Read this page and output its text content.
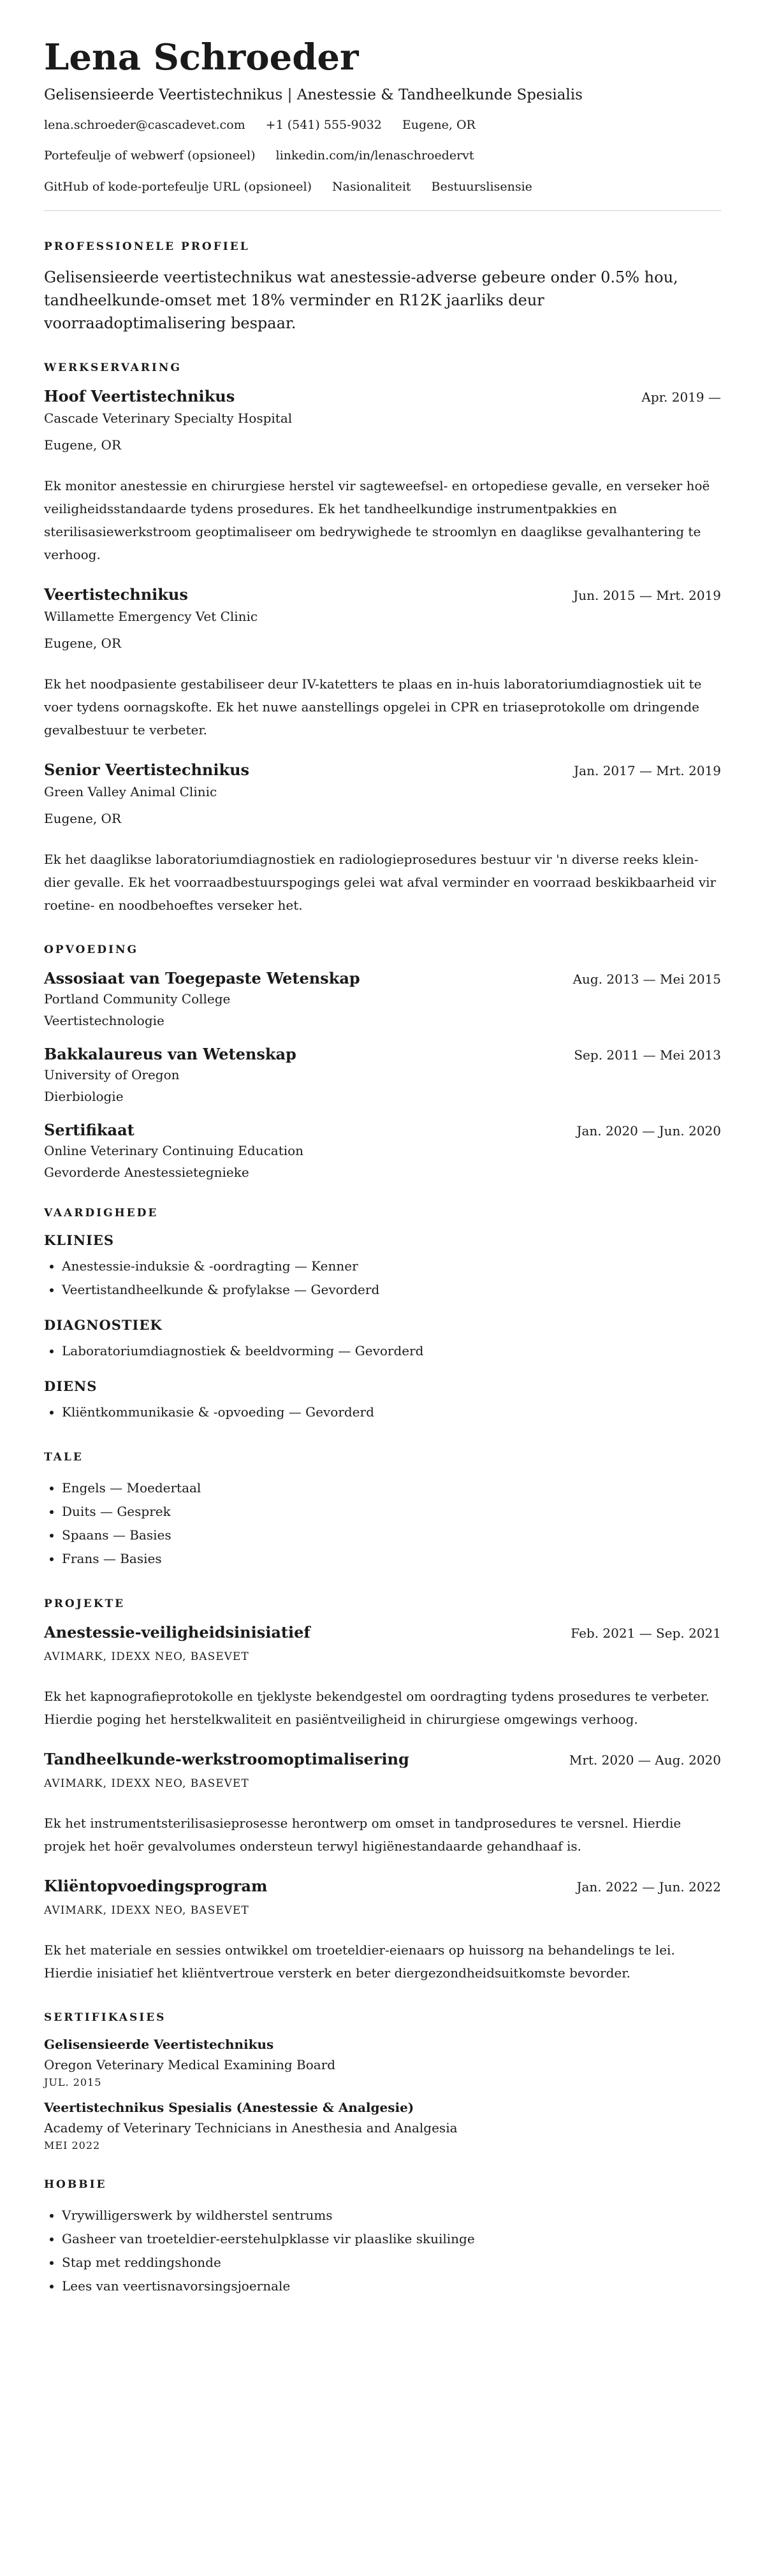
Lena Schroeder
Gelisensieerde Veertistechnikus | Anestessie & Tandheelkunde Spesialis
lena.schroeder@cascadevet.com +1 (541) 555-9032 Eugene, OR
Portefeulje of webwerf (opsioneel) linkedin.com/in/lenaschroedervt
GitHub of kode-portefeulje URL (opsioneel) Nasionaliteit Bestuurslisensie
PROFESSIONELE PROFIEL

Gelisensieerde veertistechnikus wat anestessie-adverse gebeure onder 0.5% hou, tandheelkunde-omset met 18% verminder en R12K jaarliks deur voorraadoptimalisering bespaar.

WERKSERVARING
Hoof Veertistechnikus	Apr. 2019 —
Cascade Veterinary Specialty Hospital
Eugene, OR
Ek monitor anestessie en chirurgiese herstel vir sagteweefsel- en ortopediese gevalle, en verseker hoë veiligheidsstandaarde tydens prosedures. Ek het tandheelkundige instrumentpakkies en sterilisasiewerkstroom geoptimaliseer om bedrywighede te stroomlyn en daaglikse gevalhantering te verhoog.
Veertistechnikus	Jun. 2015 — Mrt. 2019
Willamette Emergency Vet Clinic
Eugene, OR
Ek het noodpasiente gestabiliseer deur IV-katetters te plaas en in-huis laboratoriumdiagnostiek uit te voer tydens oornagskofte. Ek het nuwe aanstellings opgelei in CPR en triaseprotokolle om dringende gevalbestuur te verbeter.
Senior Veertistechnikus	Jan. 2017 — Mrt. 2019
Green Valley Animal Clinic
Eugene, OR
Ek het daaglikse laboratoriumdiagnostiek en radiologieprosedures bestuur vir 'n diverse reeks klein-dier gevalle. Ek het voorraadbestuurspogings gelei wat afval verminder en voorraad beskikbaarheid vir roetine- en noodbehoeftes verseker het.
OPVOEDING
Assosiaat van Toegepaste Wetenskap	Aug. 2013 — Mei 2015
Portland Community College
Veertistechnologie
Bakkalaureus van Wetenskap	Sep. 2011 — Mei 2013
University of Oregon
Dierbiologie
Sertifikaat	Jan. 2020 — Jun. 2020
Online Veterinary Continuing Education
Gevorderde Anestessietegnieke
VAARDIGHEDE
KLINIES
• Anestessie-induksie & -oordragting — Kenner
• Veertistandheelkunde & profylakse — Gevorderd
DIAGNOSTIEK
• Laboratoriumdiagnostiek & beeldvorming — Gevorderd
DIENS
• Kliëntkommunikasie & -opvoeding — Gevorderd
TALE
• Engels — Moedertaal
• Duits — Gesprek
• Spaans — Basies
• Frans — Basies
PROJEKTE
Anestessie-veiligheidsinisiatief	Feb. 2021 — Sep. 2021
AVIMARK, IDEXX NEO, BASEVET
Ek het kapnografieprotokolle en tjeklyste bekendgestel om oordragting tydens prosedures te verbeter. Hierdie poging het herstelkwaliteit en pasiëntveiligheid in chirurgiese omgewings verhoog.
Tandheelkunde-werkstroomoptimalisering	Mrt. 2020 — Aug. 2020
AVIMARK, IDEXX NEO, BASEVET
Ek het instrumentsterilisasieprosesse herontwerp om omset in tandprosedures te versnel. Hierdie projek het hoër gevalvolumes ondersteun terwyl higiënestandaarde gehandhaaf is.
Kliëntopvoedingsprogram	Jan. 2022 — Jun. 2022
AVIMARK, IDEXX NEO, BASEVET
Ek het materiale en sessies ontwikkel om troeteldier-eienaars op huissorg na behandelings te lei. Hierdie inisiatief het kliëntvertroue versterk en beter diergezondheidsuitkomste bevorder.
SERTIFIKASIES
Gelisensieerde Veertistechnikus
Oregon Veterinary Medical Examining Board
JUL. 2015
Veertistechnikus Spesialis (Anestessie & Analgesie)
Academy of Veterinary Technicians in Anesthesia and Analgesia
MEI 2022
HOBBIE
• Vrywilligerswerk by wildherstel sentrums
• Gasheer van troeteldier-eerstehulpklasse vir plaaslike skuilinge
• Stap met reddingshonde
• Lees van veertisnavorsingsjoernale
